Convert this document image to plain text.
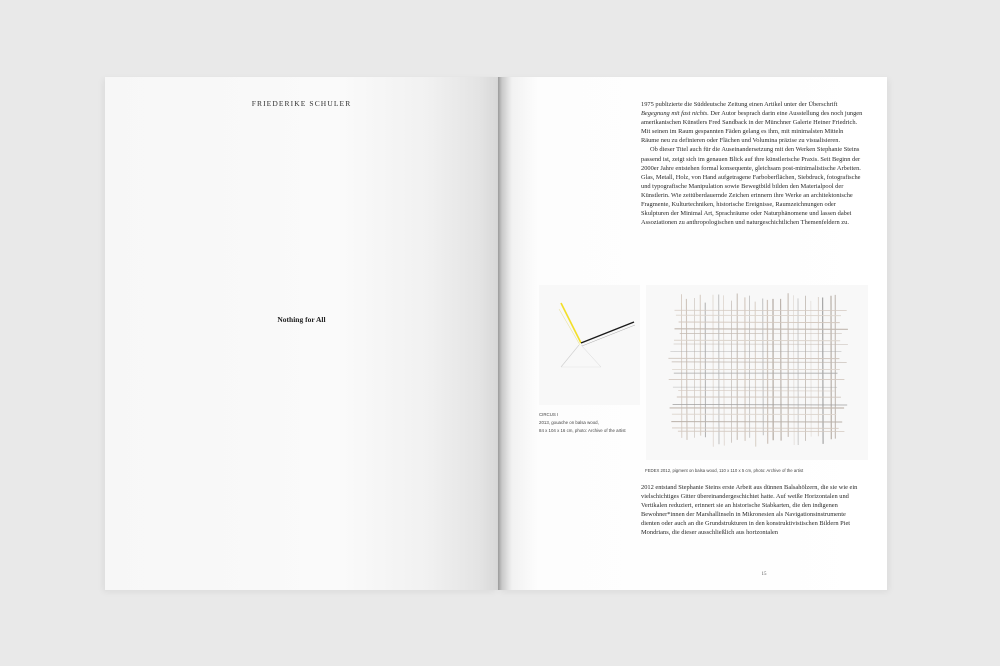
FRIEDERIKE SCHULER
Nothing for All

1975 publizierte die Süddeutsche Zeitung einen Artikel unter der Überschrift Begegnung mit fast nichts. Der Autor besprach darin eine Ausstellung des noch jungen amerikanischen Künstlers Fred Sandback in der Münchner Galerie Heiner Friedrich. Mit seinen im Raum gespannten Fäden gelang es ihm, mit minimalsten Mitteln Räume neu zu definieren oder Flächen und Volumina präzise zu visualisieren.

Ob dieser Titel auch für die Auseinandersetzung mit den Werken Stephanie Steins passend ist, zeigt sich im genauen Blick auf ihre künstlerische Praxis. Seit Beginn der 2000er Jahre entstehen formal konsequente, gleichsam post-minimalistische Arbeiten. Glas, Metall, Holz, von Hand aufgetragene Farboberflächen, Siebdruck, fotografische und typografische Manipulation sowie Bewegtbild bilden den Materialpool der Künstlerin. Wie zeitüberdauernde Zeichen erinnern ihre Werke an architektonische Fragmente, Kulturtechniken, historische Ereignisse, Raumzeichnungen oder Skulpturen der Minimal Art, Sprachräume oder Naturphänomene und lassen dabei Assoziationen zu anthropologischen und naturgeschichtlichen Themenfeldern zu.

CIRCUS I
2013, gouache on balsa wood,
84 x 104 x 16 cm, photo: Archive of the artist
FEDEX 2012, pigment on balsa wood, 110 x 110 x 5 cm, photo: Archive of the artist

2012 entstand Stephanie Steins erste Arbeit aus dünnen Balsahölzern, die sie wie ein vielschichtiges Gitter übereinandergeschichtet hatte. Auf weiße Horizontalen und Vertikalen reduziert, erinnert sie an historische Stabkarten, die den indigenen Bewohner*innen der Marshallinseln in Mikronesien als Navigationsinstrumente dienten oder auch an die Grundstrukturen in den konstruktivistischen Bildern Piet Mondrians, die dieser ausschließlich aus horizontalen

15
